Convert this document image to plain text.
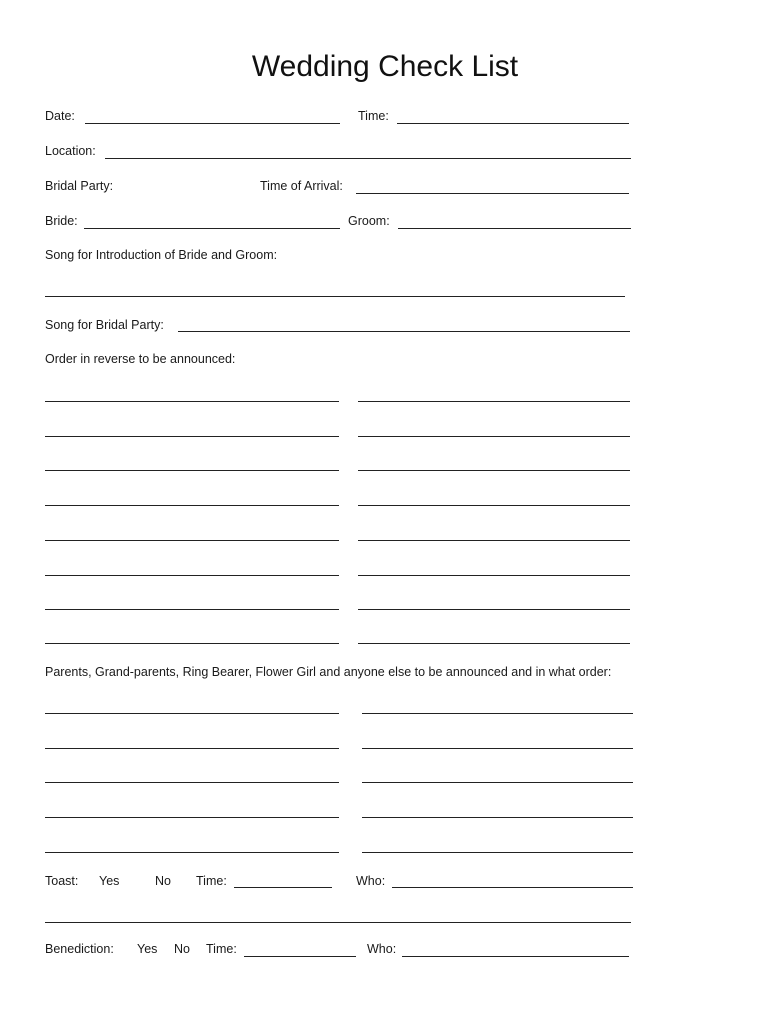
Wedding Check List
Date:	Time:
Location:
Bridal Party:	Time of Arrival:
Bride:	Groom:
Song for Introduction of Bride and Groom:
Song for Bridal Party:
Order in reverse to be announced:
Parents, Grand-parents, Ring Bearer, Flower Girl and anyone else to be announced and in what order:
Toast: Yes	No Time:	Who:
Benediction: Yes No Time:	Who:
